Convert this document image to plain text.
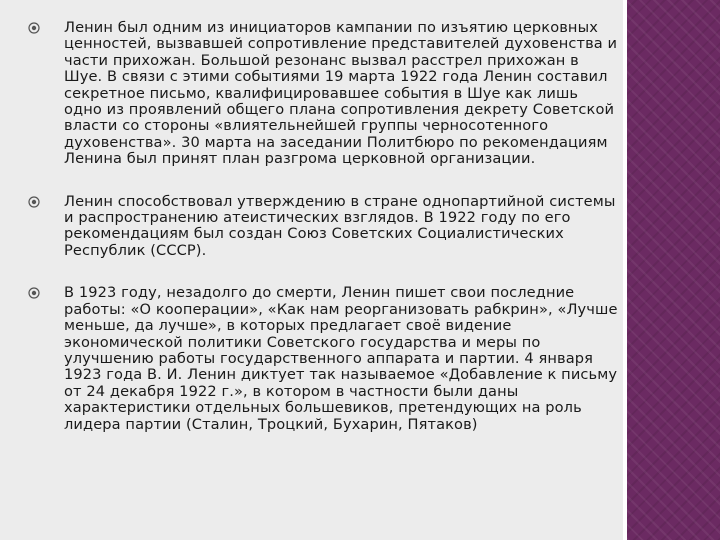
Ленин был одним из инициаторов кампании по изъятию церковных ценностей, вызвавшей сопротивление представителей духовенства и части прихожан. Большой резонанс вызвал расстрел прихожан в Шуе. В связи с этими событиями 19 марта 1922 года Ленин составил секретное письмо, квалифицировавшее события в Шуе как лишь одно из проявлений общего плана сопротивления декрету Советской власти со стороны «влиятельнейшей группы черносотенного духовенства». 30 марта на заседании Политбюро по рекомендациям Ленина был принят план разгрома церковной организации.
Ленин способствовал утверждению в стране однопартийной системы и распространению атеистических взглядов. В 1922 году по его рекомендациям был создан Союз Советских Социалистических Республик (СССР).
В 1923 году, незадолго до смерти, Ленин пишет свои последние работы: «О кооперации», «Как нам реорганизовать рабкрин», «Лучше меньше, да лучше», в которых предлагает своё видение экономической политики Советского государства и меры по улучшению работы государственного аппарата и партии. 4 января 1923 года В. И. Ленин диктует так называемое «Добавление к письму от 24 декабря 1922 г.», в котором в частности были даны характеристики отдельных большевиков, претендующих на роль лидера партии (Сталин, Троцкий, Бухарин, Пятаков)
